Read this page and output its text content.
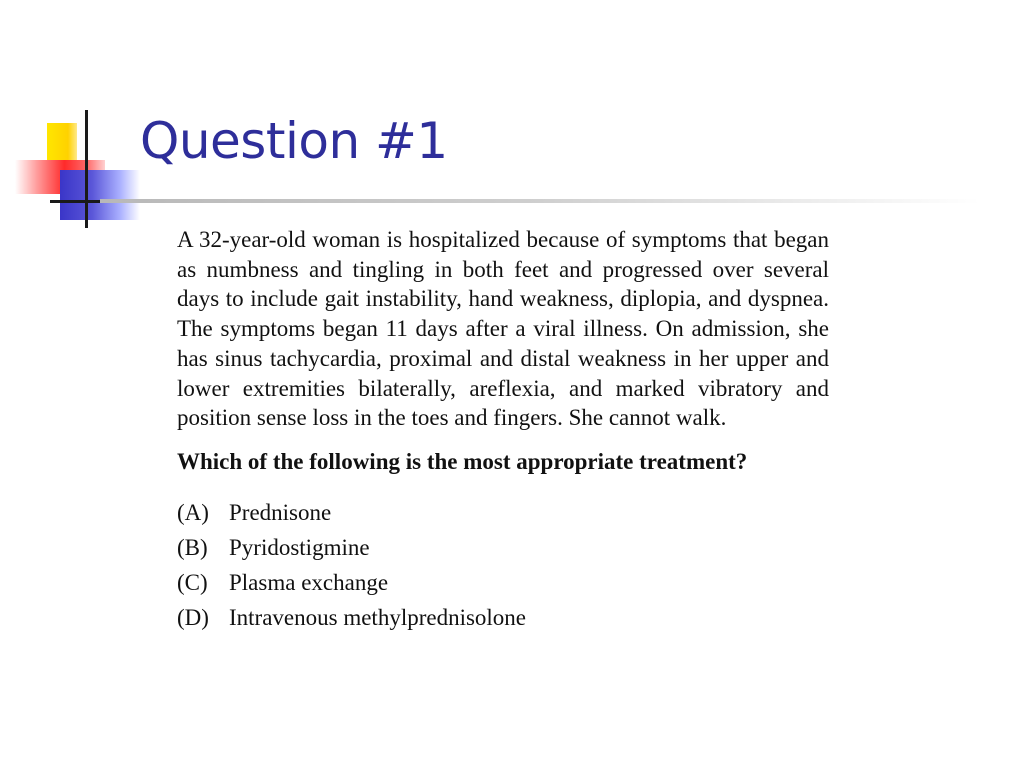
Question #1

A 32-year-old woman is hospitalized because of symptoms that began as numbness and tingling in both feet and progressed over several days to include gait instability, hand weakness, diplopia, and dyspnea. The symptoms began 11 days after a viral illness. On admission, she has sinus tachycardia, proximal and distal weakness in her upper and lower extremities bilaterally, areflexia, and marked vibratory and position sense loss in the toes and fingers. She cannot walk.

Which of the following is the most appropriate treatment?

(A) Prednisone
(B) Pyridostigmine
(C) Plasma exchange
(D) Intravenous methylprednisolone
